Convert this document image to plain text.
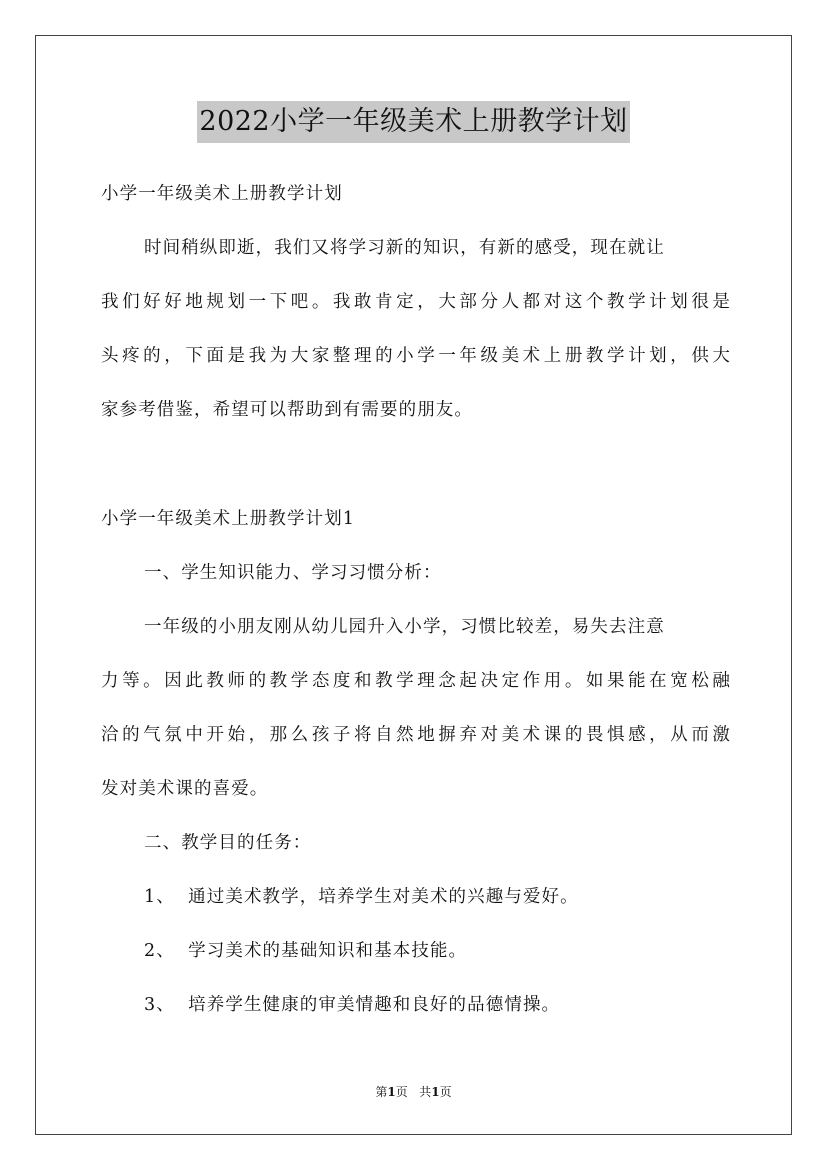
2022小学一年级美术上册教学计划
小学一年级美术上册教学计划
时间稍纵即逝，我们又将学习新的知识，有新的感受，现在就让
我们好好地规划一下吧。我敢肯定，大部分人都对这个教学计划很是
头疼的，下面是我为大家整理的小学一年级美术上册教学计划，供大
家参考借鉴，希望可以帮助到有需要的朋友。
小学一年级美术上册教学计划1
一、学生知识能力、学习习惯分析：
一年级的小朋友刚从幼儿园升入小学，习惯比较差，易失去注意
力等。因此教师的教学态度和教学理念起决定作用。如果能在宽松融
洽的气氛中开始，那么孩子将自然地摒弃对美术课的畏惧感，从而激
发对美术课的喜爱。
二、教学目的任务：
1、  通过美术教学，培养学生对美术的兴趣与爱好。
2、  学习美术的基础知识和基本技能。
3、  培养学生健康的审美情趣和良好的品德情操。
第1页   共1页
